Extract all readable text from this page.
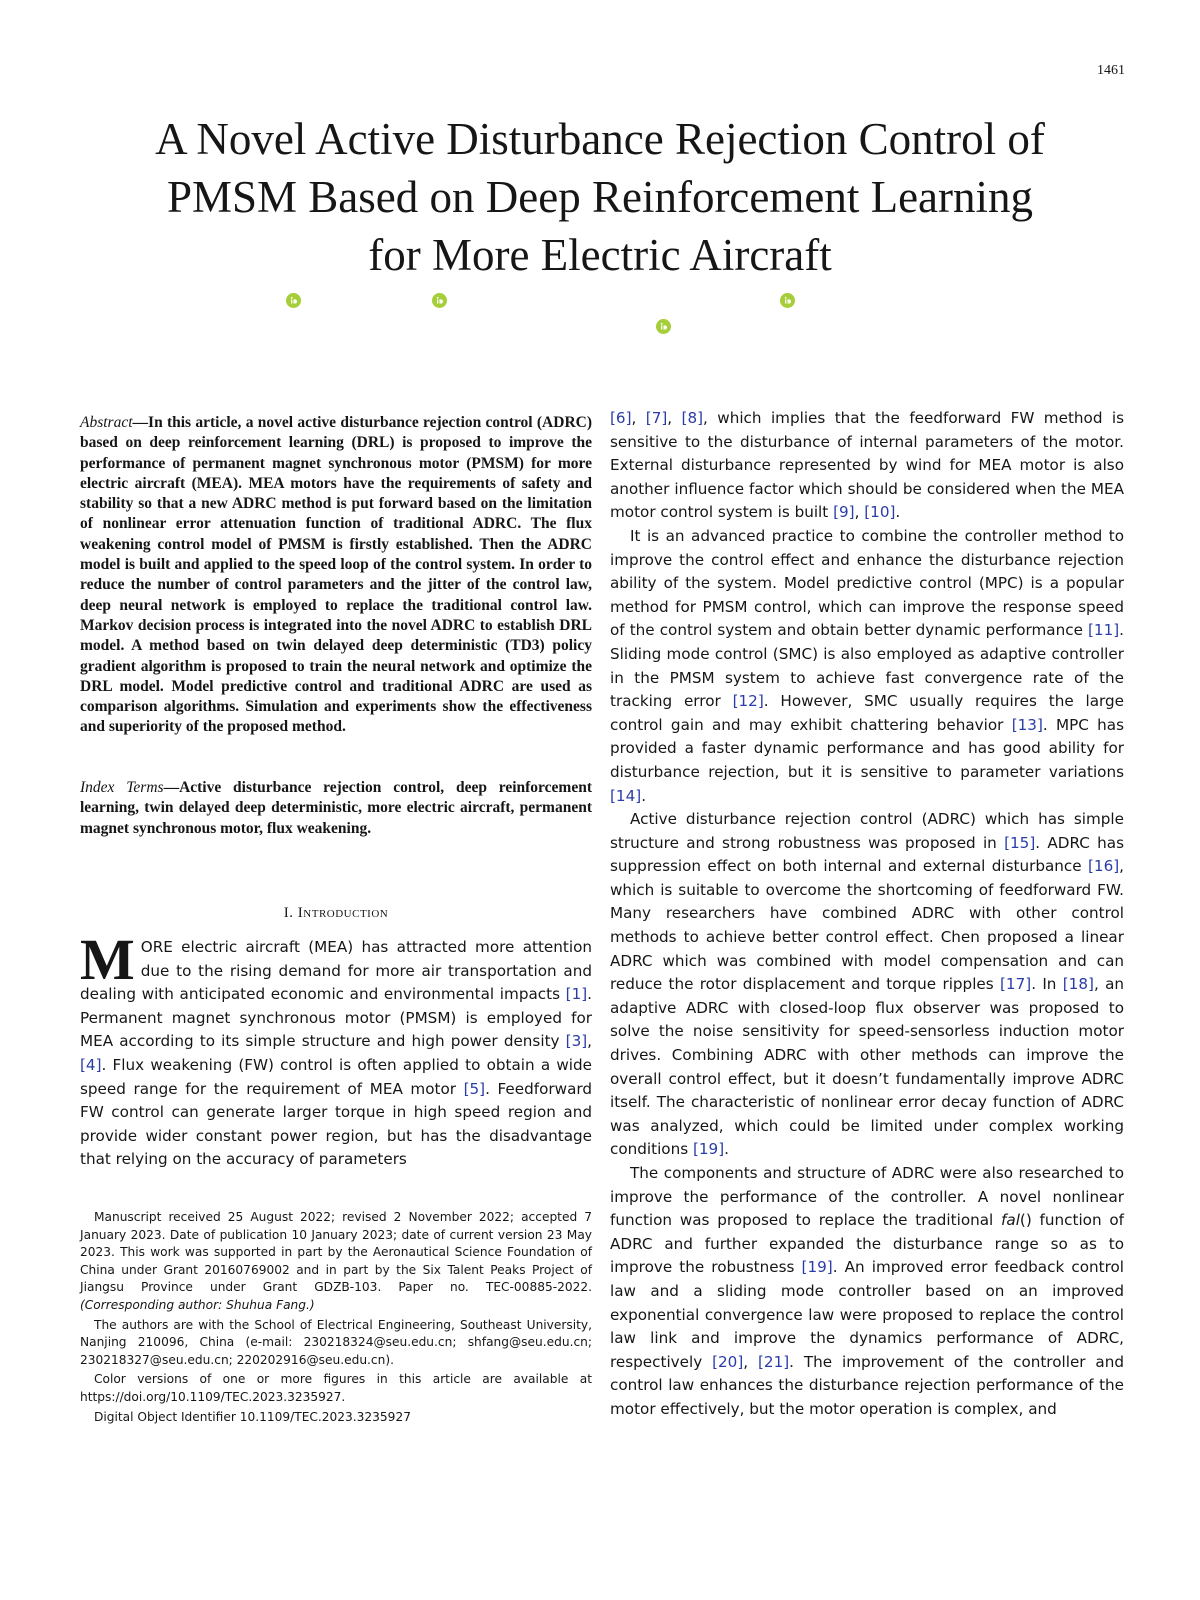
1461
A Novel Active Disturbance Rejection Control of
PMSM Based on Deep Reinforcement Learning
for More Electric Aircraft

Abstract—In this article, a novel active disturbance rejection control (ADRC) based on deep reinforcement learning (DRL) is proposed to improve the performance of permanent magnet synchronous motor (PMSM) for more electric aircraft (MEA). MEA motors have the requirements of safety and stability so that a new ADRC method is put forward based on the limitation of nonlinear error attenuation function of traditional ADRC. The flux weakening control model of PMSM is firstly established. Then the ADRC model is built and applied to the speed loop of the control system. In order to reduce the number of control parameters and the jitter of the control law, deep neural network is employed to replace the traditional control law. Markov decision process is integrated into the novel ADRC to establish DRL model. A method based on twin delayed deep deterministic (TD3) policy gradient algorithm is proposed to train the neural network and optimize the DRL model. Model predictive control and traditional ADRC are used as comparison algorithms. Simulation and experiments show the effectiveness and superiority of the proposed method.

Index Terms—Active disturbance rejection control, deep reinforcement learning, twin delayed deep deterministic, more electric aircraft, permanent magnet synchronous motor, flux weakening.

I. Introduction

MORE electric aircraft (MEA) has attracted more attention due to the rising demand for more air transportation and dealing with anticipated economic and environmental impacts [1]. Permanent magnet synchronous motor (PMSM) is employed for MEA according to its simple structure and high power density [3], [4]. Flux weakening (FW) control is often applied to obtain a wide speed range for the requirement of MEA motor [5]. Feedforward FW control can generate larger torque in high speed region and provide wider constant power region, but has the disadvantage that relying on the accuracy of parameters

Manuscript received 25 August 2022; revised 2 November 2022; accepted 7 January 2023. Date of publication 10 January 2023; date of current version 23 May 2023. This work was supported in part by the Aeronautical Science Foundation of China under Grant 20160769002 and in part by the Six Talent Peaks Project of Jiangsu Province under Grant GDZB-103. Paper no. TEC-00885-2022. (Corresponding author: Shuhua Fang.)

The authors are with the School of Electrical Engineering, Southeast University, Nanjing 210096, China (e-mail: 230218324@seu.edu.cn; shfang@seu.edu.cn; 230218327@seu.edu.cn; 220202916@seu.edu.cn).

Color versions of one or more figures in this article are available at https://doi.org/10.1109/TEC.2023.3235927.

Digital Object Identifier 10.1109/TEC.2023.3235927

[6], [7], [8], which implies that the feedforward FW method is sensitive to the disturbance of internal parameters of the motor. External disturbance represented by wind for MEA motor is also another influence factor which should be considered when the MEA motor control system is built [9], [10].

It is an advanced practice to combine the controller method to improve the control effect and enhance the disturbance rejection ability of the system. Model predictive control (MPC) is a popular method for PMSM control, which can improve the response speed of the control system and obtain better dynamic performance [11]. Sliding mode control (SMC) is also employed as adaptive controller in the PMSM system to achieve fast convergence rate of the tracking error [12]. However, SMC usually requires the large control gain and may exhibit chattering behavior [13]. MPC has provided a faster dynamic performance and has good ability for disturbance rejection, but it is sensitive to parameter variations [14].

Active disturbance rejection control (ADRC) which has simple structure and strong robustness was proposed in [15]. ADRC has suppression effect on both internal and external disturbance [16], which is suitable to overcome the shortcoming of feedforward FW. Many researchers have combined ADRC with other control methods to achieve better control effect. Chen proposed a linear ADRC which was combined with model compensation and can reduce the rotor displacement and torque ripples [17]. In [18], an adaptive ADRC with closed-loop flux observer was proposed to solve the noise sensitivity for speed-sensorless induction motor drives. Combining ADRC with other methods can improve the overall control effect, but it doesn’t fundamentally improve ADRC itself. The characteristic of nonlinear error decay function of ADRC was analyzed, which could be limited under complex working conditions [19].

The components and structure of ADRC were also researched to improve the performance of the controller. A novel nonlinear function was proposed to replace the traditional fal() function of ADRC and further expanded the disturbance range so as to improve the robustness [19]. An improved error feedback control law and a sliding mode controller based on an improved exponential convergence law were proposed to replace the control law link and improve the dynamics performance of ADRC, respectively [20], [21]. The improvement of the controller and control law enhances the disturbance rejection performance of the motor effectively, but the motor operation is complex, and
